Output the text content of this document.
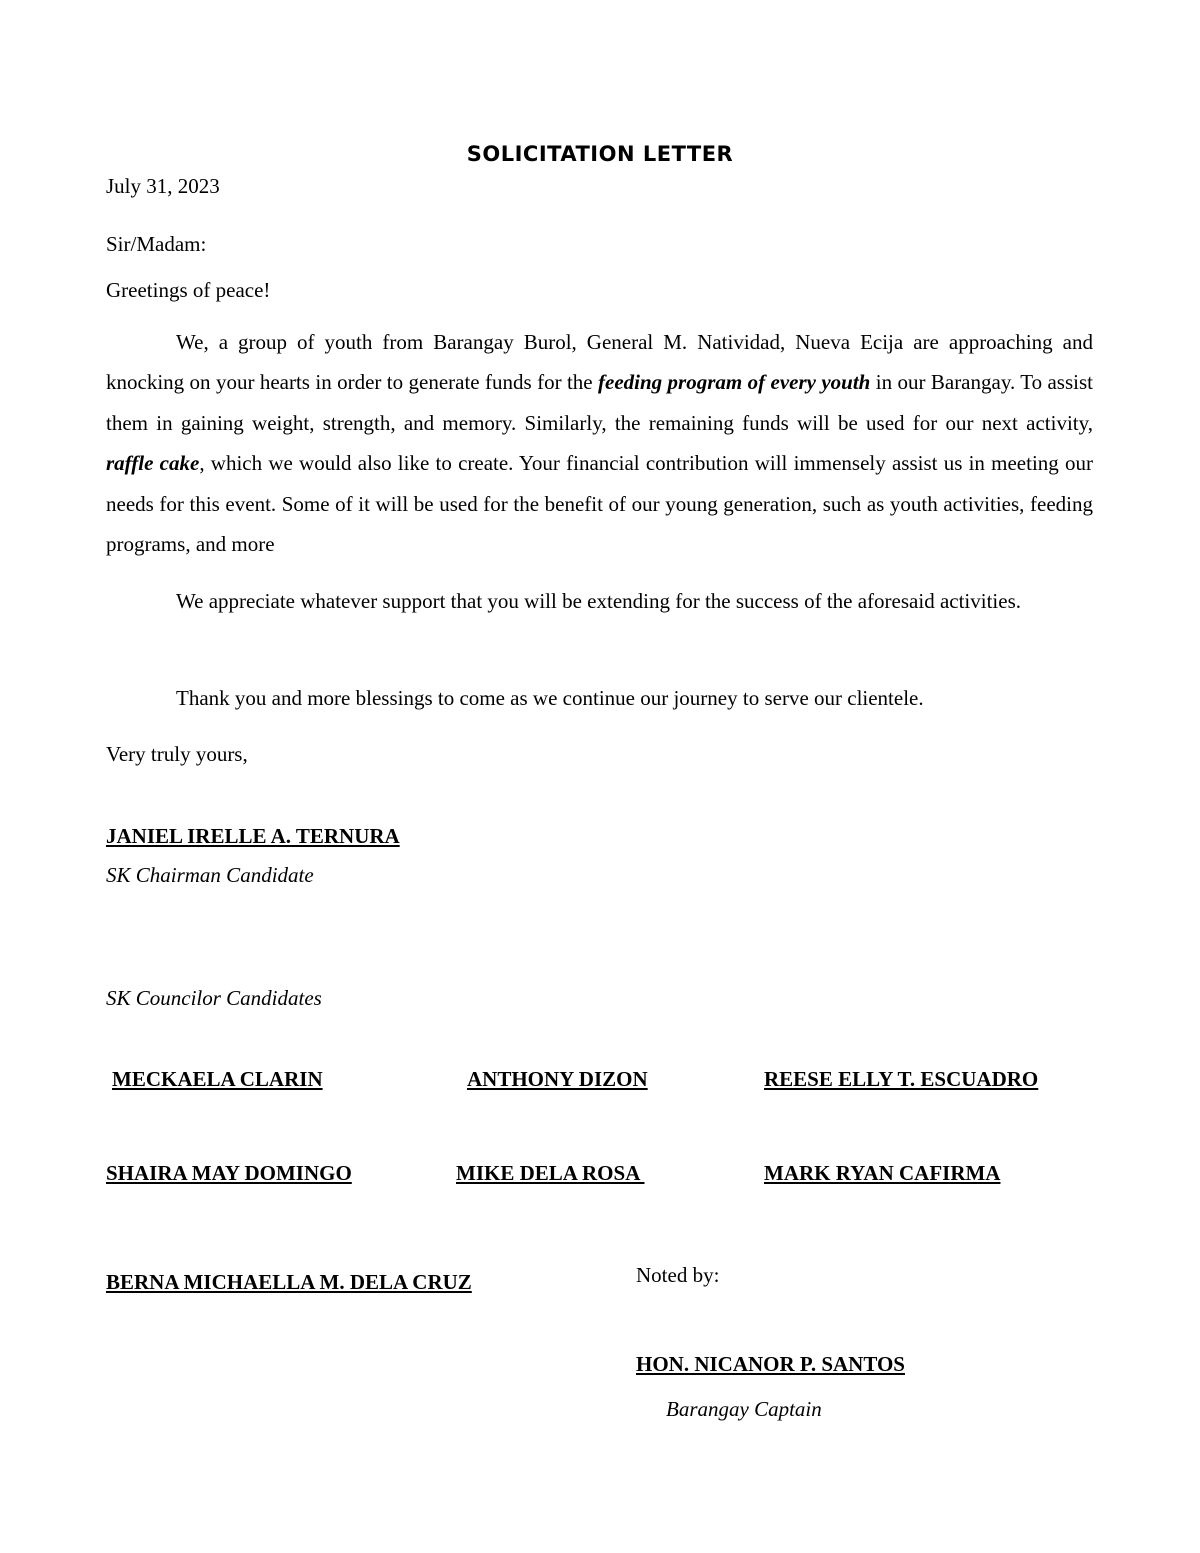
SOLICITATION LETTER
July 31, 2023
Sir/Madam:
Greetings of peace!
We, a group of youth from Barangay Burol, General M. Natividad, Nueva Ecija are approaching and knocking on your hearts in order to generate funds for the feeding program of every youth in our Barangay. To assist them in gaining weight, strength, and memory. Similarly, the remaining funds will be used for our next activity, raffle cake, which we would also like to create. Your financial contribution will immensely assist us in meeting our needs for this event. Some of it will be used for the benefit of our young generation, such as youth activities, feeding programs, and more
We appreciate whatever support that you will be extending for the success of the aforesaid activities.
Thank you and more blessings to come as we continue our journey to serve our clientele.
Very truly yours,
JANIEL IRELLE A. TERNURA
SK Chairman Candidate
SK Councilor Candidates
MECKAELA CLARIN	ANTHONY DIZON	REESE ELLY T. ESCUADRO
SHAIRA MAY DOMINGO	MIKE DELA ROSA	MARK RYAN CAFIRMA
BERNA MICHAELLA M. DELA CRUZ	Noted by:
HON. NICANOR P. SANTOS
Barangay Captain
